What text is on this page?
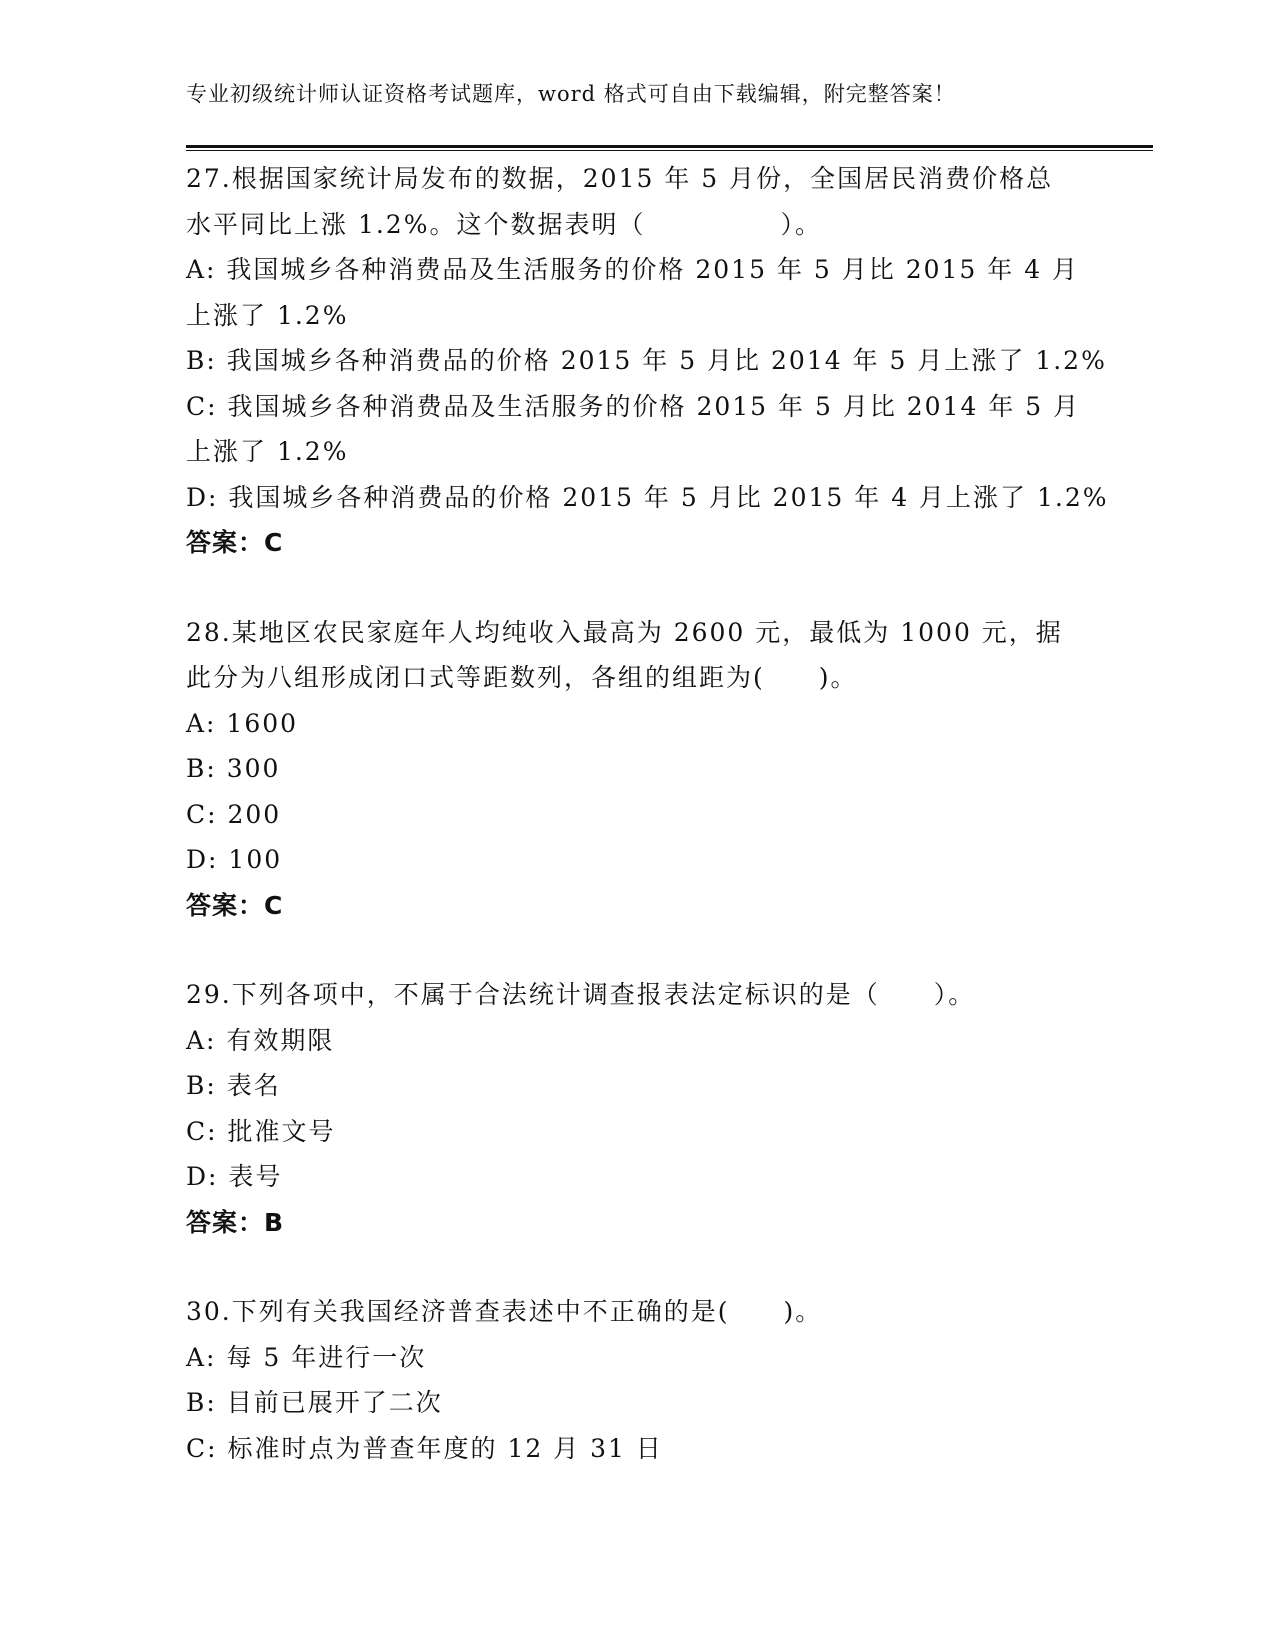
专业初级统计师认证资格考试题库，word 格式可自由下载编辑，附完整答案！
27.根据国家统计局发布的数据，2015 年 5 月份，全国居民消费价格总
水平同比上涨 1.2%。这个数据表明（　　　　　）。
A: 我国城乡各种消费品及生活服务的价格 2015 年 5 月比 2015 年 4 月
上涨了 1.2%
B: 我国城乡各种消费品的价格 2015 年 5 月比 2014 年 5 月上涨了 1.2%
C: 我国城乡各种消费品及生活服务的价格 2015 年 5 月比 2014 年 5 月
上涨了 1.2%
D: 我国城乡各种消费品的价格 2015 年 5 月比 2015 年 4 月上涨了 1.2%
答案：C
28.某地区农民家庭年人均纯收入最高为 2600 元，最低为 1000 元，据
此分为八组形成闭口式等距数列，各组的组距为(　　)。
A: 1600
B: 300
C: 200
D: 100
答案：C
29.下列各项中，不属于合法统计调查报表法定标识的是（　　）。
A: 有效期限
B: 表名
C: 批准文号
D: 表号
答案：B
30.下列有关我国经济普查表述中不正确的是(　　)。
A: 每 5 年进行一次
B: 目前已展开了二次
C: 标准时点为普查年度的 12 月 31 日
